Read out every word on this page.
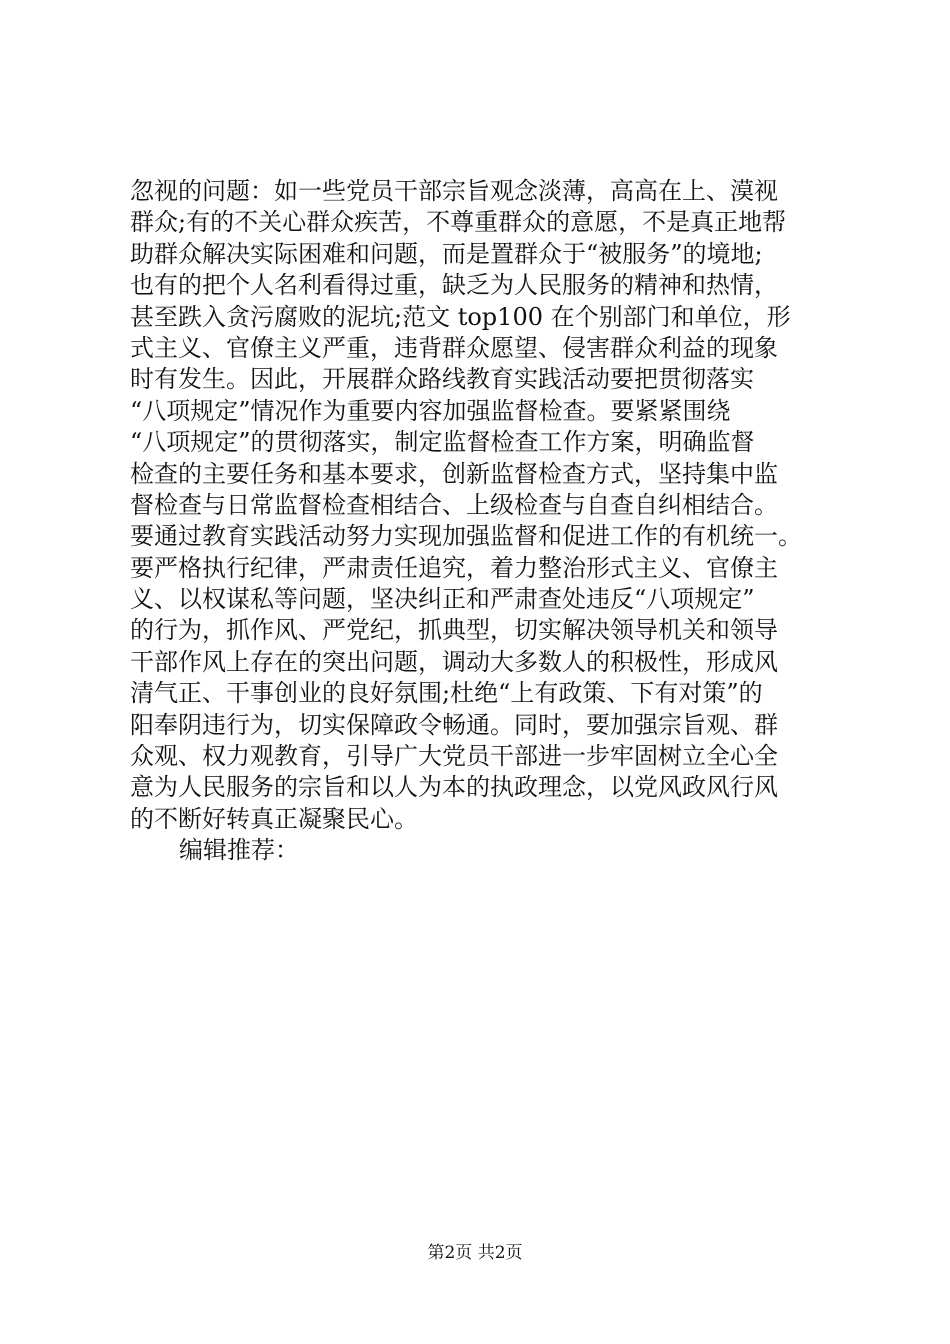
忽视的问题：如一些党员干部宗旨观念淡薄，高高在上、漠视
群众;有的不关心群众疾苦，不尊重群众的意愿，不是真正地帮
助群众解决实际困难和问题，而是置群众于“被服务”的境地;
也有的把个人名利看得过重，缺乏为人民服务的精神和热情，
甚至跌入贪污腐败的泥坑;范文 top100 在个别部门和单位，形
式主义、官僚主义严重，违背群众愿望、侵害群众利益的现象
时有发生。因此，开展群众路线教育实践活动要把贯彻落实
“八项规定”情况作为重要内容加强监督检查。要紧紧围绕
“八项规定”的贯彻落实，制定监督检查工作方案，明确监督
检查的主要任务和基本要求，创新监督检查方式，坚持集中监
督检查与日常监督检查相结合、上级检查与自查自纠相结合。
要通过教育实践活动努力实现加强监督和促进工作的有机统一。
要严格执行纪律，严肃责任追究，着力整治形式主义、官僚主
义、以权谋私等问题，坚决纠正和严肃查处违反“八项规定”
的行为，抓作风、严党纪，抓典型，切实解决领导机关和领导
干部作风上存在的突出问题，调动大多数人的积极性，形成风
清气正、干事创业的良好氛围;杜绝“上有政策、下有对策”的
阳奉阴违行为，切实保障政令畅通。同时，要加强宗旨观、群
众观、权力观教育，引导广大党员干部进一步牢固树立全心全
意为人民服务的宗旨和以人为本的执政理念，以党风政风行风
的不断好转真正凝聚民心。
编辑推荐：
第2页 共2页
